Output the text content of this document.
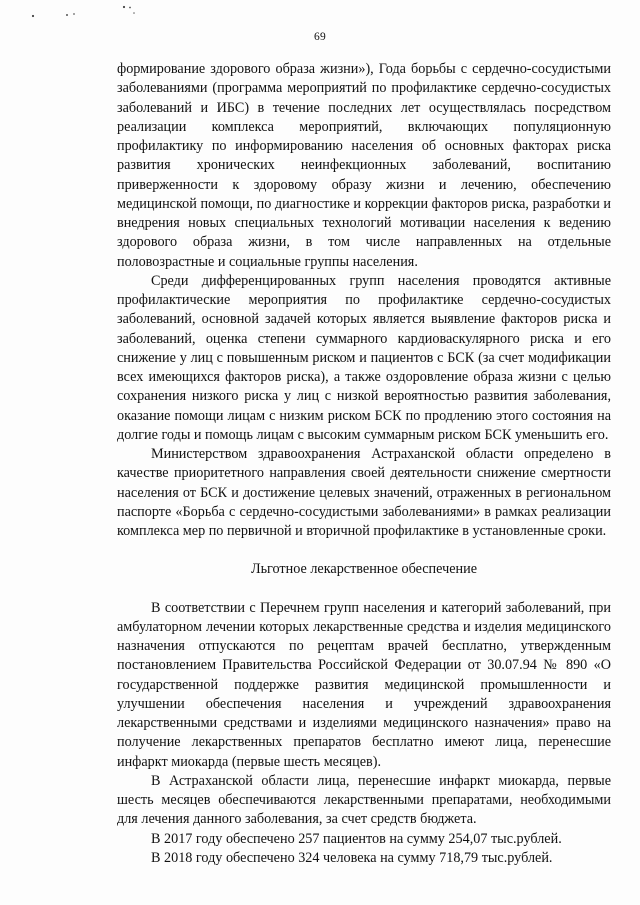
69

формирование здорового образа жизни»), Года борьбы с сердечно-сосудистыми заболеваниями (программа мероприятий по профилактике сердечно-сосудистых заболеваний и ИБС) в течение последних лет осуществлялась посредством реализации комплекса мероприятий, включающих популяционную профилактику по информированию населения об основных факторах риска развития хронических неинфекционных заболеваний, воспитанию приверженности к здоровому образу жизни и лечению, обеспечению медицинской помощи, по диагностике и коррекции факторов риска, разработки и внедрения новых специальных технологий мотивации населения к ведению здорового образа жизни, в том числе направленных на отдельные половозрастные и социальные группы населения.

Среди дифференцированных групп населения проводятся активные профилактические мероприятия по профилактике сердечно-сосудистых заболеваний, основной задачей которых является выявление факторов риска и заболеваний, оценка степени суммарного кардиоваскулярного риска и его снижение у лиц с повышенным риском и пациентов с БСК (за счет модификации всех имеющихся факторов риска), а также оздоровление образа жизни с целью сохранения низкого риска у лиц с низкой вероятностью развития заболевания, оказание помощи лицам с низким риском БСК по продлению этого состояния на долгие годы и помощь лицам с высоким суммарным риском БСК уменьшить его.

Министерством здравоохранения Астраханской области определено в качестве приоритетного направления своей деятельности снижение смертности населения от БСК и достижение целевых значений, отраженных в региональном паспорте «Борьба с сердечно-сосудистыми заболеваниями» в рамках реализации комплекса мер по первичной и вторичной профилактике в установленные сроки.

Льготное лекарственное обеспечение

В соответствии с Перечнем групп населения и категорий заболеваний, при амбулаторном лечении которых лекарственные средства и изделия медицинского назначения отпускаются по рецептам врачей бесплатно, утвержденным постановлением Правительства Российской Федерации от 30.07.94 № 890 «О государственной поддержке развития медицинской промышленности и улучшении обеспечения населения и учреждений здравоохранения лекарственными средствами и изделиями медицинского назначения» право на получение лекарственных препаратов бесплатно имеют лица, перенесшие инфаркт миокарда (первые шесть месяцев).

В Астраханской области лица, перенесшие инфаркт миокарда, первые шесть месяцев обеспечиваются лекарственными препаратами, необходимыми для лечения данного заболевания, за счет средств бюджета.

В 2017 году обеспечено 257 пациентов на сумму 254,07 тыс.рублей.

В 2018 году обеспечено 324 человека на сумму 718,79 тыс.рублей.
